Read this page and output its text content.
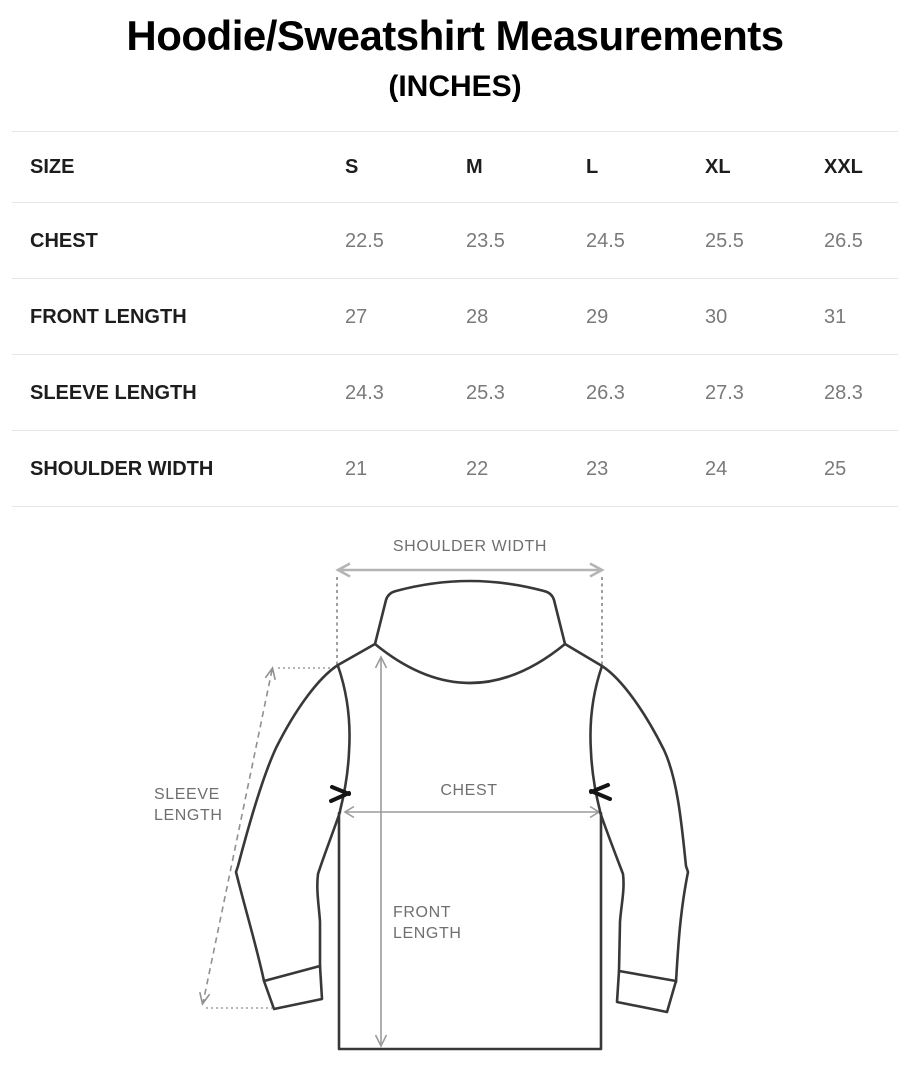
Hoodie/Sweatshirt Measurements
(INCHES)
SIZE	S	M	L	XL	XXL
CHEST	22.5	23.5	24.5	25.5	26.5
FRONT LENGTH	27	28	29	30	31
SLEEVE LENGTH	24.3	25.3	26.3	27.3	28.3
SHOULDER WIDTH	21	22	23	24	25
SHOULDER WIDTH
CHEST
FRONT
LENGTH
SLEEVE
LENGTH
